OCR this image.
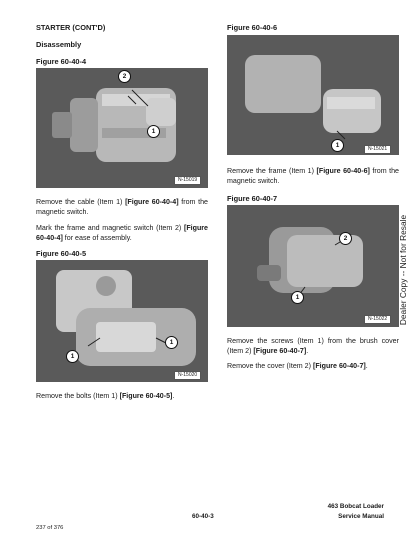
STARTER (CONT'D)
Disassembly
Figure 60-40-4
2
1
N-15019
Remove the cable (Item 1) [Figure 60-40-4] from the magnetic switch.
Mark the frame and magnetic switch (Item 2) [Figure 60-40-4] for ease of assembly.
Figure 60-40-5
1
1
N-15020
Remove the bolts (Item 1) [Figure 60-40-5].
Figure 60-40-6
1	N-15021
Remove the frame (Item 1) [Figure 60-40-6] from the magnetic switch.
Figure 60-40-7
2
1
N-15022
Remove the screws (Item 1) from the brush cover (Item 2) [Figure 60-40-7].
Remove the cover (Item 2) [Figure 60-40-7].
Dealer Copy -- Not for Resale
60-40-3
463 Bobcat Loader
Service Manual
237 of 376
